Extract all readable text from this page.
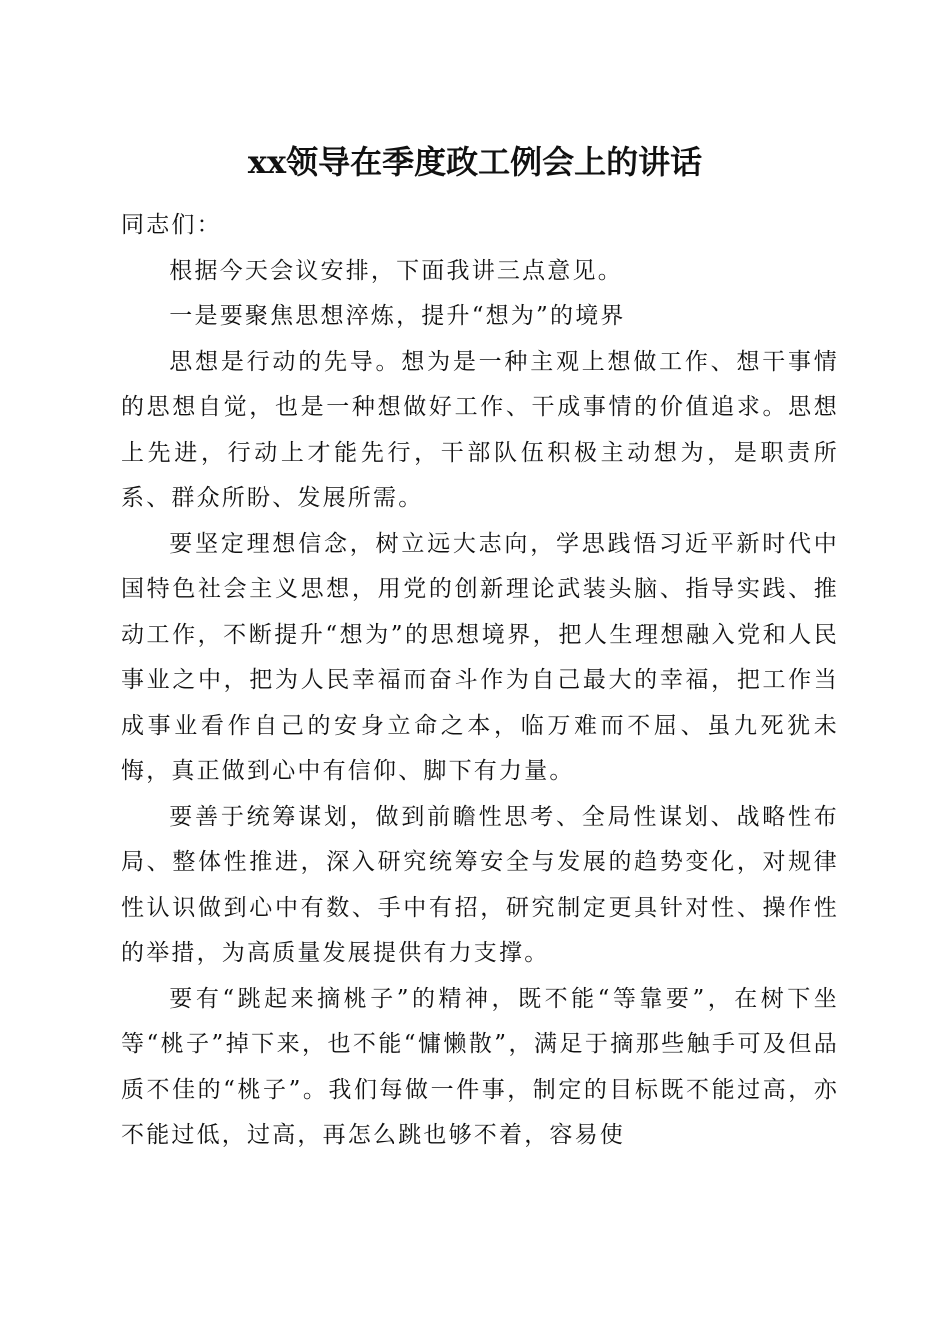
xx领导在季度政工例会上的讲话

同志们：

根据今天会议安排，下面我讲三点意见。

一是要聚焦思想淬炼，提升“想为”的境界

思想是行动的先导。想为是一种主观上想做工作、想干事情的思想自觉，也是一种想做好工作、干成事情的价值追求。思想上先进，行动上才能先行，干部队伍积极主动想为，是职责所系、群众所盼、发展所需。

要坚定理想信念，树立远大志向，学思践悟习近平新时代中国特色社会主义思想，用党的创新理论武装头脑、指导实践、推动工作，不断提升“想为”的思想境界，把人生理想融入党和人民事业之中，把为人民幸福而奋斗作为自己最大的幸福，把工作当成事业看作自己的安身立命之本，临万难而不屈、虽九死犹未悔，真正做到心中有信仰、脚下有力量。

要善于统筹谋划，做到前瞻性思考、全局性谋划、战略性布局、整体性推进，深入研究统筹安全与发展的趋势变化，对规律性认识做到心中有数、手中有招，研究制定更具针对性、操作性的举措，为高质量发展提供有力支撑。

要有“跳起来摘桃子”的精神，既不能“等靠要”，在树下坐等“桃子”掉下来，也不能“慵懒散”，满足于摘那些触手可及但品质不佳的“桃子”。我们每做一件事，制定的目标既不能过高，亦不能过低，过高，再怎么跳也够不着，容易使
